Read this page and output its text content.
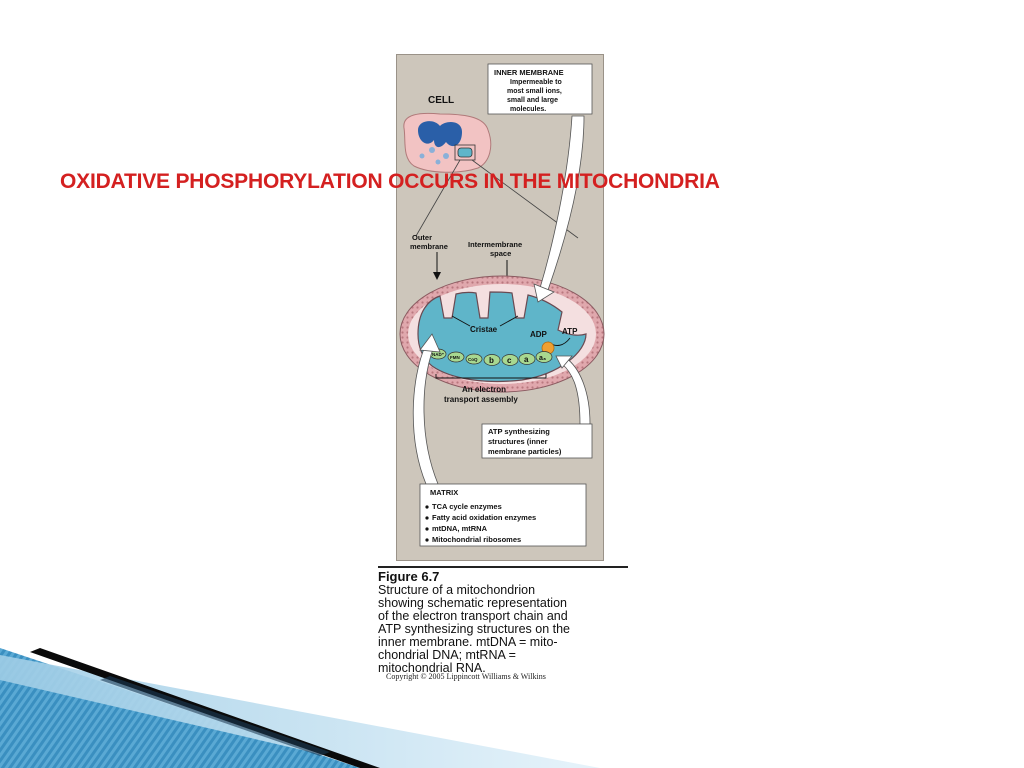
OXIDATIVE PHOSPHORYLATION OCCURS IN THE MITOCHONDRIA
CELL
INNER MEMBRANE
Impermeable to
most small ions,
small and large
molecules.
Outer
membrane	Intermembrane
space
Cristae
ADP ATP
NAD⁺
FMN CoQ b c a a₃
An electron
transport assembly
ATP synthesizing
structures (inner
membrane particles)
MATRIX
TCA cycle enzymes
Fatty acid oxidation enzymes
mtDNA, mtRNA
Mitochondrial ribosomes
Figure 6.7
Structure of a mitochondrion
showing schematic representation
of the electron transport chain and
ATP synthesizing structures on the
inner membrane. mtDNA = mito-
chondrial DNA; mtRNA =
mitochondrial RNA.
Copyright © 2005 Lippincott Williams & Wilkins
